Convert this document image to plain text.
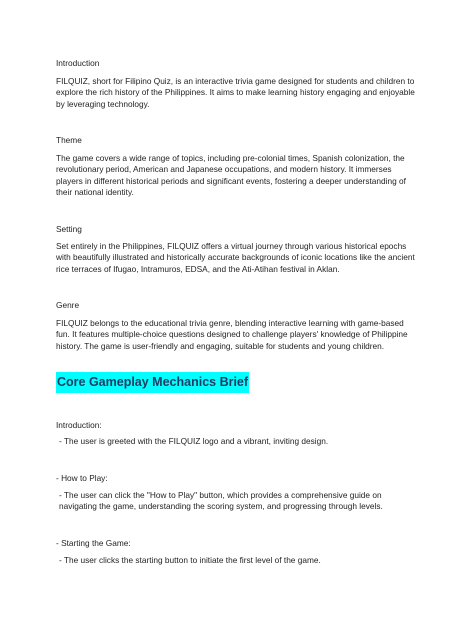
Introduction

FILQUIZ, short for Filipino Quiz, is an interactive trivia game designed for students and children to explore the rich history of the Philippines. It aims to make learning history engaging and enjoyable by leveraging technology.

Theme

The game covers a wide range of topics, including pre-colonial times, Spanish colonization, the revolutionary period, American and Japanese occupations, and modern history. It immerses players in different historical periods and significant events, fostering a deeper understanding of their national identity.

Setting

Set entirely in the Philippines, FILQUIZ offers a virtual journey through various historical epochs with beautifully illustrated and historically accurate backgrounds of iconic locations like the ancient rice terraces of Ifugao, Intramuros, EDSA, and the Ati-Atihan festival in Aklan.

Genre

FILQUIZ belongs to the educational trivia genre, blending interactive learning with game-based fun. It features multiple-choice questions designed to challenge players' knowledge of Philippine history. The game is user-friendly and engaging, suitable for students and young children.

Core Gameplay Mechanics Brief

Introduction:

- The user is greeted with the FILQUIZ logo and a vibrant, inviting design.

- How to Play:

- The user can click the "How to Play" button, which provides a comprehensive guide on navigating the game, understanding the scoring system, and progressing through levels.

- Starting the Game:

- The user clicks the starting button to initiate the first level of the game.
